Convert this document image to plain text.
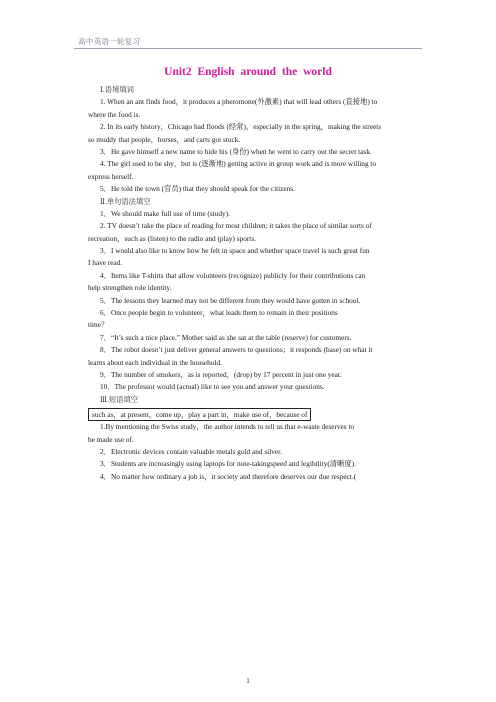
高中英语一轮复习
Unit2 English around the world
Ⅰ.语境填词
1. When an ant finds food，it produces a pheromone(外激素) that will lead others (直接地) to
where the food is.
2. In its early history，Chicago had floods (经常)，especially in the spring，making the streets
so muddy that people，horses，and carts got stuck.
3．He gave himself a new name to hide his (身份) when he went to carry out the secret task.
4. The girl used to be shy，but is (逐渐地) getting active in group work and is more willing to
express herself.
5．He told the town (官员) that they should speak for the citizens.
Ⅱ.单句语法填空
1．We should make full use of time (study).
2. TV doesn’t take the place of reading for most children; it takes the place of similar sorts of
recreation，such as (listen) to the radio and (play) sports.
3．I would also like to know how he felt in space and whether space travel is such great fun
I have read.
4．Items like T-shirts that allow volunteers (recognize) publicly for their contributions can
help strengthen role identity.
5．The lessons they learned may not be different from they would have gotten in school.
6．Once people begin to volunteer，what leads them to remain in their positions
time？
7．“It’s such a nice place.” Mother said as she sat at the table (reserve) for customers.
8．The robot doesn’t just deliver general answers to questions；it responds (base) on what it
learns about each individual in the household.
9．The number of smokers，as is reported，(drop) by 17 percent in just one year.
10．The professor would (actual) like to see you and answer your questions.
Ⅲ.短语填空
such as，at present，come up，play a part in，make use of，because of
1.By mentioning the Swiss study，the author intends to tell us that e-waste deserves to
be made use of.
2．Electronic devices contain valuable metals gold and silver.
3．Students are increasingly using laptops for note-takingspeed and legibility(清晰度).
4．No matter how ordinary a job is，it society and therefore deserves our due respect.(
1
